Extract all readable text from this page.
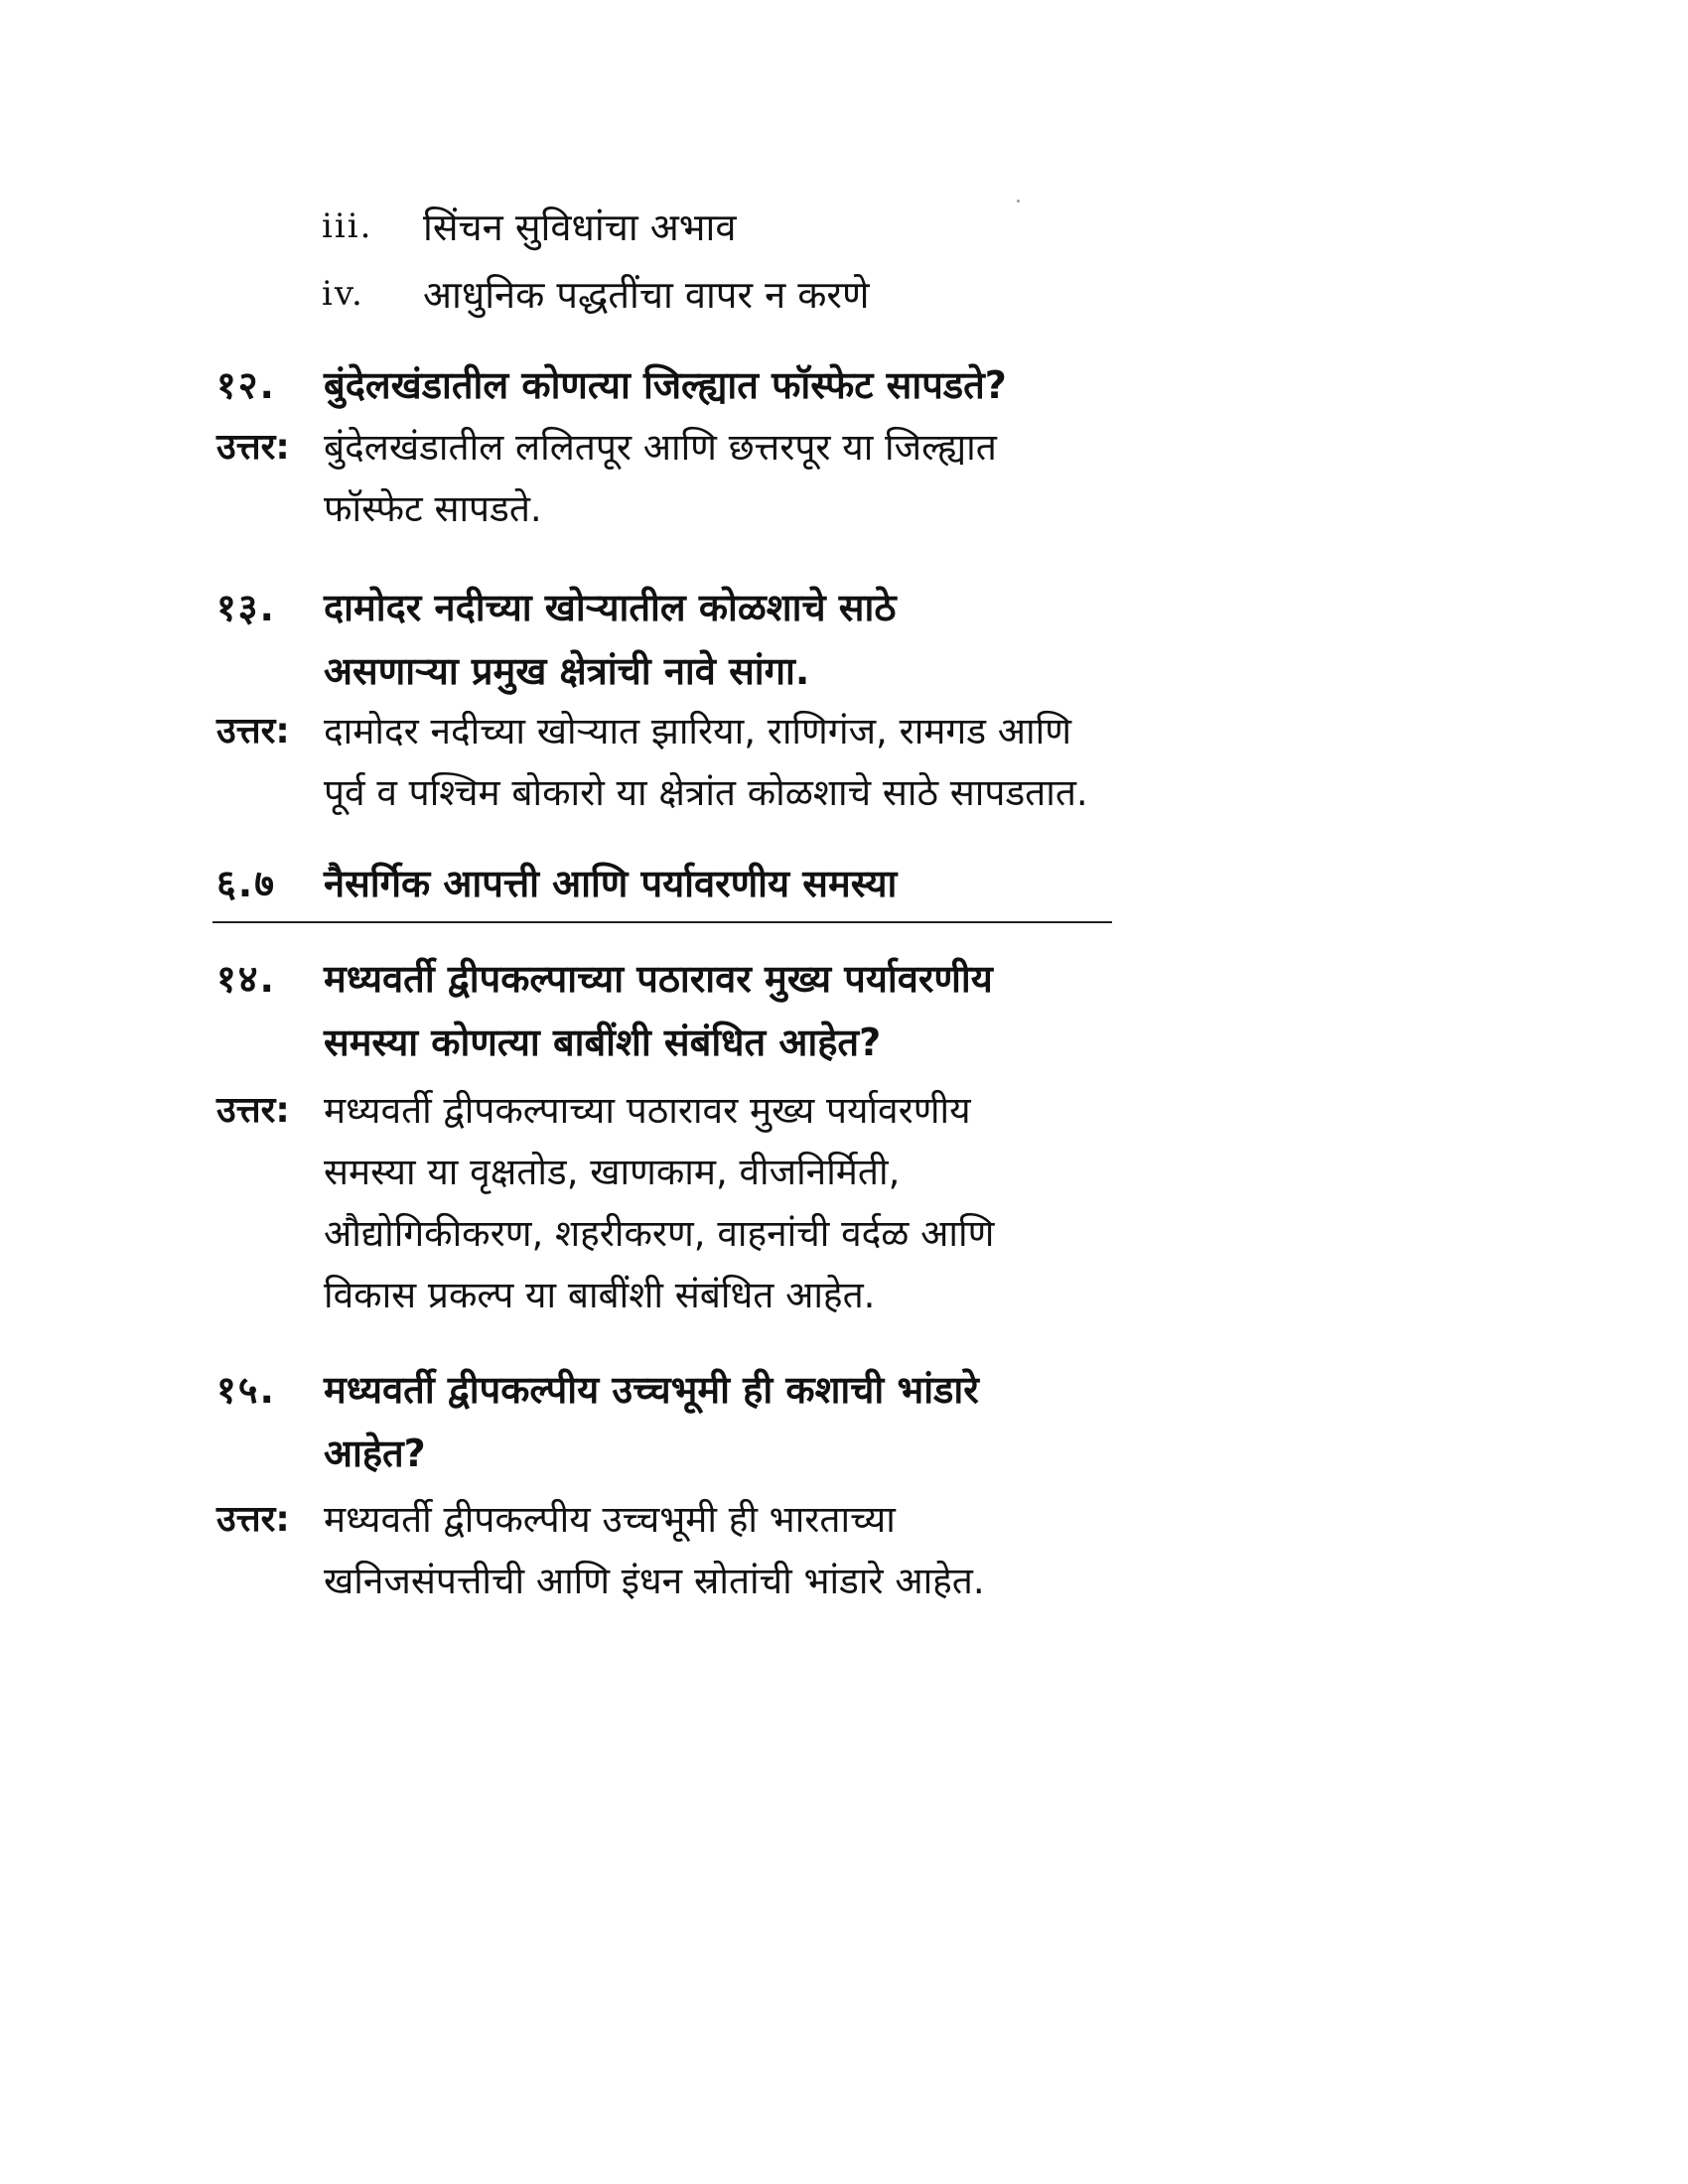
iii.	सिंचन सुविधांचा अभाव
iv.	आधुनिक पद्धतींचा वापर न करणे
१२. बुंदेलखंडातील कोणत्या जिल्ह्यात फॉस्फेट सापडते?
उत्तर: बुंदेलखंडातील ललितपूर आणि छत्तरपूर या जिल्ह्यात
फॉस्फेट सापडते.
१३. दामोदर नदीच्या खोऱ्यातील कोळशाचे साठे
असणाऱ्या प्रमुख क्षेत्रांची नावे सांगा.
उत्तर: दामोदर नदीच्या खोऱ्यात झारिया, राणिगंज, रामगड आणि
पूर्व व पश्चिम बोकारो या क्षेत्रांत कोळशाचे साठे सापडतात.
६.७ नैसर्गिक आपत्ती आणि पर्यावरणीय समस्या
१४. मध्यवर्ती द्वीपकल्पाच्या पठारावर मुख्य पर्यावरणीय
समस्या कोणत्या बाबींशी संबंधित आहेत?
उत्तर: मध्यवर्ती द्वीपकल्पाच्या पठारावर मुख्य पर्यावरणीय
समस्या या वृक्षतोड, खाणकाम, वीजनिर्मिती,
औद्योगिकीकरण, शहरीकरण, वाहनांची वर्दळ आणि
विकास प्रकल्प या बाबींशी संबंधित आहेत.
१५. मध्यवर्ती द्वीपकल्पीय उच्चभूमी ही कशाची भांडारे
आहेत?
उत्तर: मध्यवर्ती द्वीपकल्पीय उच्चभूमी ही भारताच्या
खनिजसंपत्तीची आणि इंधन स्रोतांची भांडारे आहेत.
